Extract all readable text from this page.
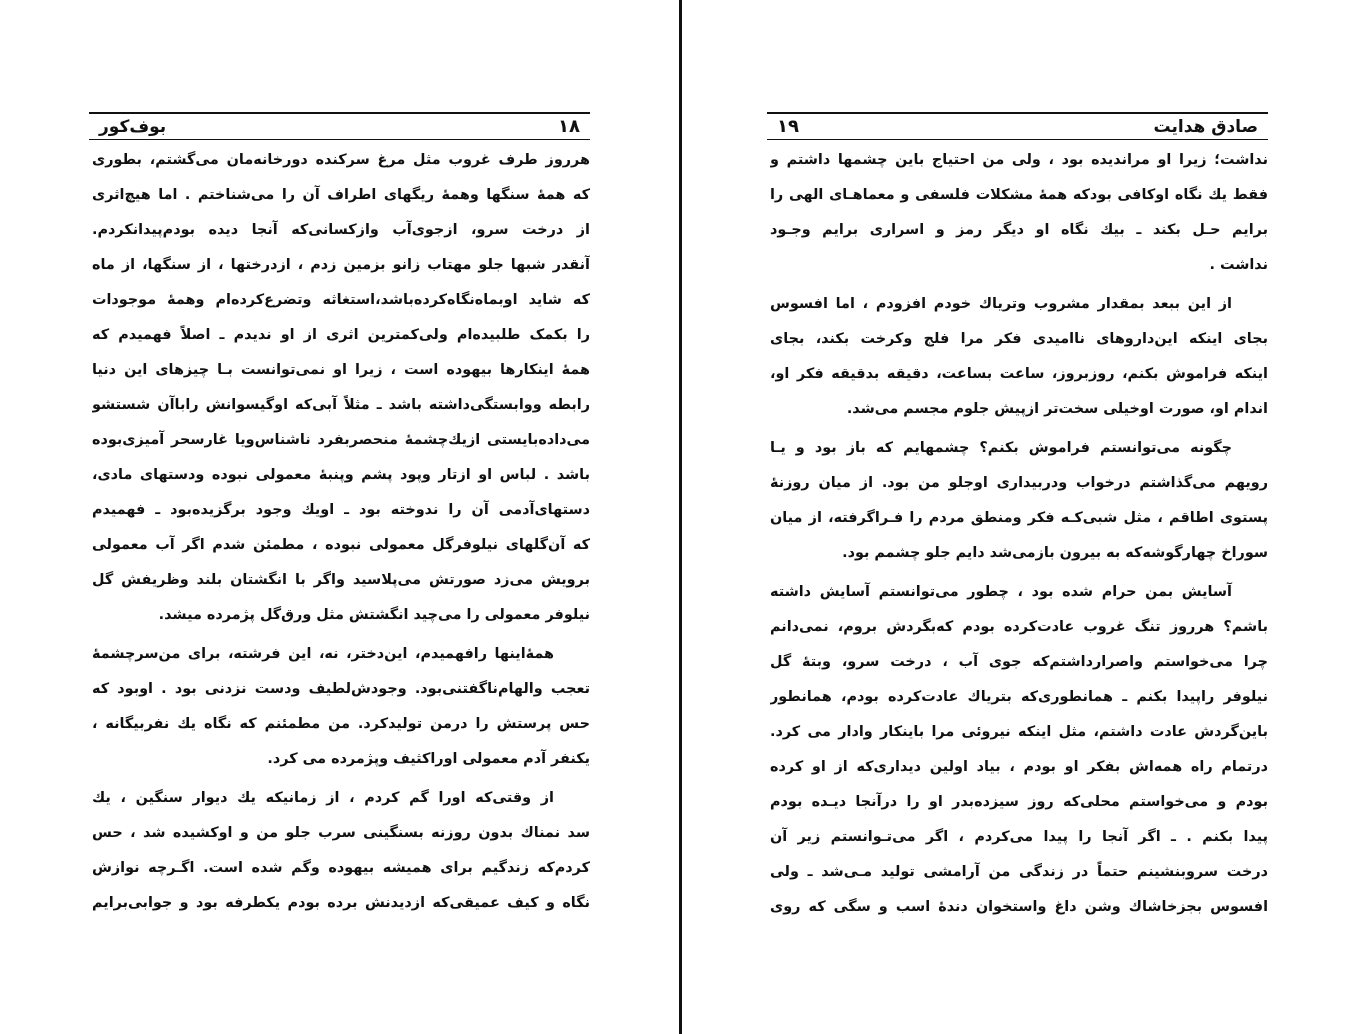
۱۸
بوف‌کور
هرروز طرف غروب مثل مرغ سرکنده دورخانه‌مان می‌گشتم، بطوری
که همهٔ سنگها وهمهٔ ریگهای اطراف آن را می‌شناختم . اما هیچ‌اثری
از درخت سرو، ازجوی‌آب وازکسانی‌که آنجا دیده بودم‌پیدانکردم.
آنقدر شبها جلو مهتاب زانو بزمین زدم ، ازدرختها ، از سنگها، از ماه
که شاید اوبماه‌نگاه‌کرده‌باشد،استغاثه وتضرع‌کرده‌ام وهمهٔ موجودات
را بکمک طلبیده‌ام ولی‌کمترین اثری از او ندیدم ـ اصلاً فهمیدم که
همهٔ اینکارها بیهوده است ، زیرا او نمی‌توانست بـا چیزهای این دنیا
رابطه ووابستگی‌داشته باشد ـ مثلاً آبی‌که اوگیسوانش رابا‌آن شستشو
می‌داده‌بایستی ازیك‌چشمهٔ منحصربفرد ناشناس‌ویا غارسحر آمیزی‌بوده
باشد . لباس او ازتار وپود پشم وپنبهٔ معمولی نبوده ودستهای مادی،
دستهای‌آدمی آن را ندوخته بود ـ اویك وجود برگزیده‌بود ـ فهمیدم
که آن‌گلهای نیلوفرگل معمولی نبوده ، مطمئن شدم اگر آب معمولی
برویش می‌زد صورتش می‌پلاسید واگر با انگشتان بلند وظریفش گل
نیلوفر معمولی را می‌چید انگشتش مثل ورق‌گل پژمرده میشد.
همهٔ‌اینها رافهمیدم، این‌دختر، نه، این فرشته، برای من‌سرچشمهٔ
تعجب والهام‌ناگفتنی‌بود. وجودش‌لطیف ودست نزدنی بود . اوبود که
حس پرستش را درمن تولیدکرد. من مطمئنم که نگاه یك نفربیگانه ،
یکنفر آدم معمولی اوراکثیف وپژمرده می کرد.
از وقتی‌که اورا گم کردم ، از زمانیکه یك دیوار سنگین ، یك
سد نمناك بدون روزنه بسنگینی سرب جلو من و اوکشیده شد ، حس
کردم‌که زندگیم برای همیشه بیهوده وگم شده است. اگـرچه نوازش
نگاه و کیف عمیقی‌که ازدیدنش برده بودم یکطرفه بود و جوابی‌برایم
صادق هدایت
۱۹
نداشت؛ زیرا او مراندیده بود ، ولی من احتیاج باین چشمها داشتم و
فقط یك نگاه اوکافی بودکه همهٔ مشکلات فلسفی و معماهـای الهی را
برایم حـل بکند ـ بیك نگاه او دیگر رمز و اسراری برایم وجـود
نداشت .
از این ببعد بمقدار مشروب وتریاك خودم افزودم ، اما افسوس
بجای اینکه این‌داروهای ناامیدی فکر مرا فلج وکرخت بکند، بجای
اینکه فراموش بکنم، روزبروز، ساعت بساعت، دقیقه بدقیقه فکر او،
اندام او، صورت اوخیلی سخت‌تر ازپیش جلوم مجسم می‌شد.
چگونه می‌توانستم فراموش بکنم؟ چشمهایم که باز بود و یـا
رویهم می‌گذاشتم درخواب ودربیداری اوجلو من بود. از میان روزنهٔ
پستوی اطاقم ، مثل شبی‌کـه فکر ومنطق مردم را فـراگرفته، از میان
سوراخ چهارگوشه‌که به بیرون بازمی‌شد دایم جلو چشمم بود.
آسایش بمن حرام شده بود ، چطور می‌توانستم آسایش داشته
باشم؟ هرروز تنگ غروب عادت‌کرده بودم که‌بگردش بروم، نمی‌دانم
چرا می‌خواستم واصرارداشتم‌که جوی آب ، درخت سرو، وبتهٔ گل
نیلوفر راپیدا بکنم ـ همانطوری‌که بتریاك عادت‌کرده بودم، همانطور
باین‌گردش عادت داشتم، مثل اینکه نیروئی مرا باینکار وادار می کرد.
درتمام راه همه‌اش بفکر او بودم ، بیاد اولین دیداری‌که از او کرده
بودم و می‌خواستم محلی‌که روز سیزده‌بدر او را درآنجا دیـده بودم
پیدا بکنم . ـ اگر آنجا را پیدا می‌کردم ، اگر می‌تـوانستم زیر آن
درخت سروبنشینم حتماً در زندگی من آرامشی تولید مـی‌شد ـ ولی
افسوس بجزخاشاك وشن داغ واستخوان دندهٔ اسب و سگی که روی
